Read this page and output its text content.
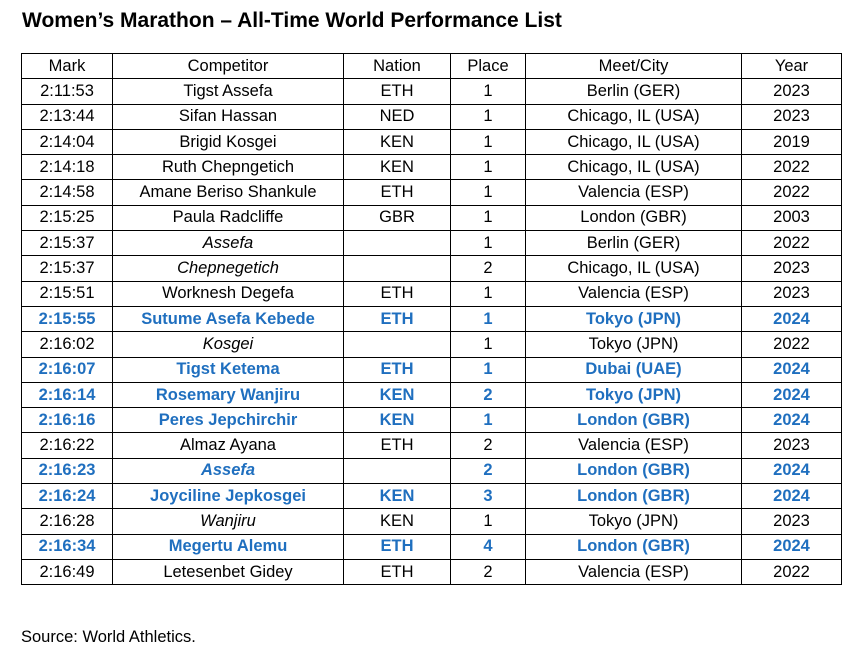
Women’s Marathon – All-Time World Performance List
Mark	Competitor	Nation	Place	Meet/City	Year
2:11:53	Tigst Assefa	ETH	1	Berlin (GER)	2023
2:13:44	Sifan Hassan	NED	1	Chicago, IL (USA)	2023
2:14:04	Brigid Kosgei	KEN	1	Chicago, IL (USA)	2019
2:14:18	Ruth Chepngetich	KEN	1	Chicago, IL (USA)	2022
2:14:58	Amane Beriso Shankule	ETH	1	Valencia (ESP)	2022
2:15:25	Paula Radcliffe	GBR	1	London (GBR)	2003
2:15:37	Assefa		1	Berlin (GER)	2022
2:15:37	Chepnegetich		2	Chicago, IL (USA)	2023
2:15:51	Worknesh Degefa	ETH	1	Valencia (ESP)	2023
2:15:55	Sutume Asefa Kebede	ETH	1	Tokyo (JPN)	2024
2:16:02	Kosgei		1	Tokyo (JPN)	2022
2:16:07	Tigst Ketema	ETH	1	Dubai (UAE)	2024
2:16:14	Rosemary Wanjiru	KEN	2	Tokyo (JPN)	2024
2:16:16	Peres Jepchirchir	KEN	1	London (GBR)	2024
2:16:22	Almaz Ayana	ETH	2	Valencia (ESP)	2023
2:16:23	Assefa		2	London (GBR)	2024
2:16:24	Joyciline Jepkosgei	KEN	3	London (GBR)	2024
2:16:28	Wanjiru	KEN	1	Tokyo (JPN)	2023
2:16:34	Megertu Alemu	ETH	4	London (GBR)	2024
2:16:49	Letesenbet Gidey	ETH	2	Valencia (ESP)	2022
Source: World Athletics.
